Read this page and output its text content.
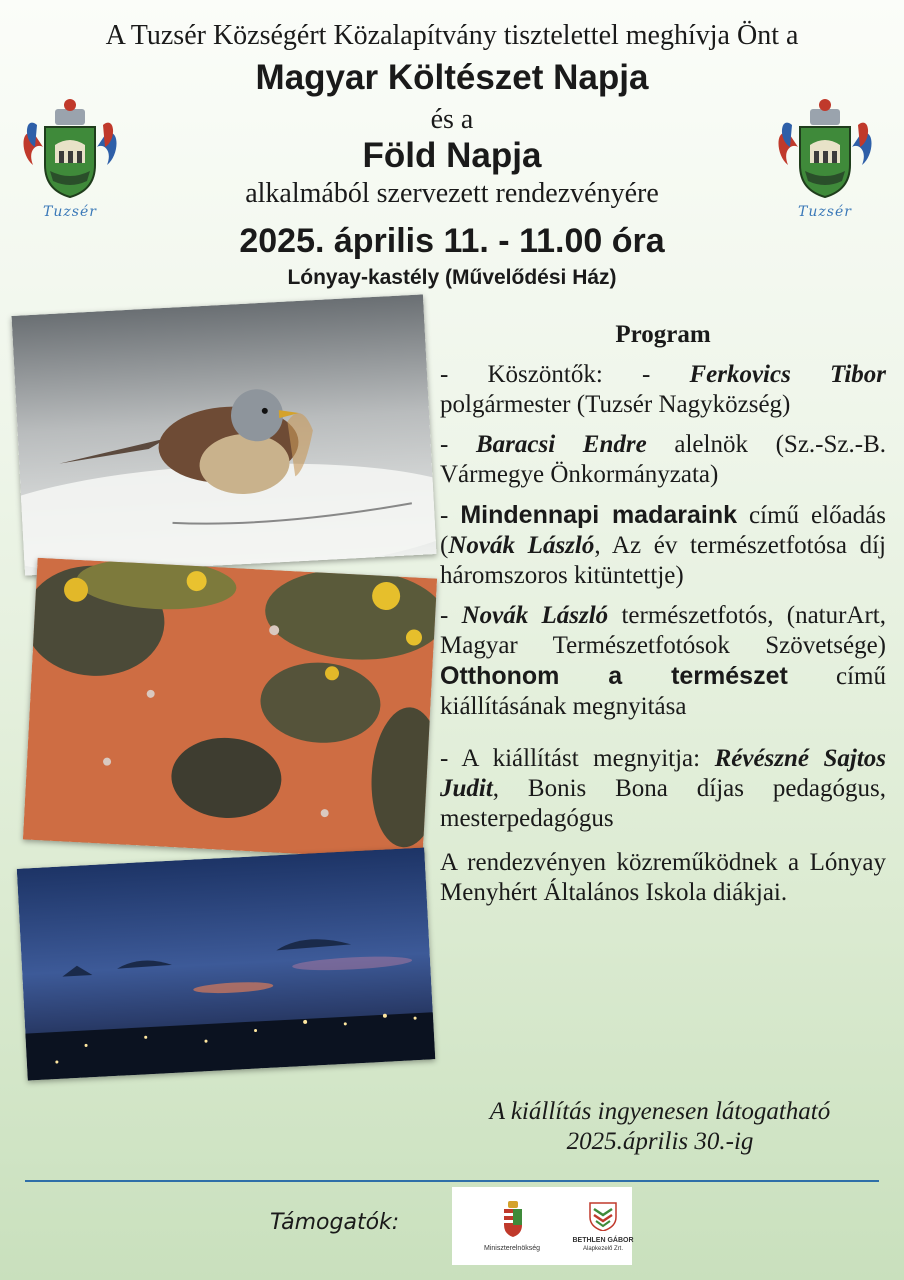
A Tuzsér Községért Közalapítvány tisztelettel meghívja Önt a
Magyar Költészet Napja
és a
Föld Napja
alkalmából szervezett rendezvényére
2025. április 11. - 11.00 óra
Lónyay-kastély (Művelődési Ház)
Tuzsér	Tuzsér
Program

- Köszöntők: - Ferkovics Tibor polgármester (Tuzsér Nagyközség)

- Baracsi Endre alelnök (Sz.-Sz.-B. Vármegye Önkormányzata)

- Mindennapi madaraink című előadás (Novák László, Az év természetfotósa díj háromszoros kitüntettje)

- Novák László természetfotós, (naturArt, Magyar Természetfotósok Szövetsége) Otthonom a természet című kiállításának megnyitása

- A kiállítást megnyitja: Révészné Sajtos Judit, Bonis Bona díjas pedagógus, mesterpedagógus

A rendezvényen közreműködnek a Lónyay Menyhért Általános Iskola diákjai.

A kiállítás ingyenesen látogatható
2025.április 30.-ig
Támogatók:
Miniszterelnökség
BETHLEN GÁBOR
Alapkezelő Zrt.
